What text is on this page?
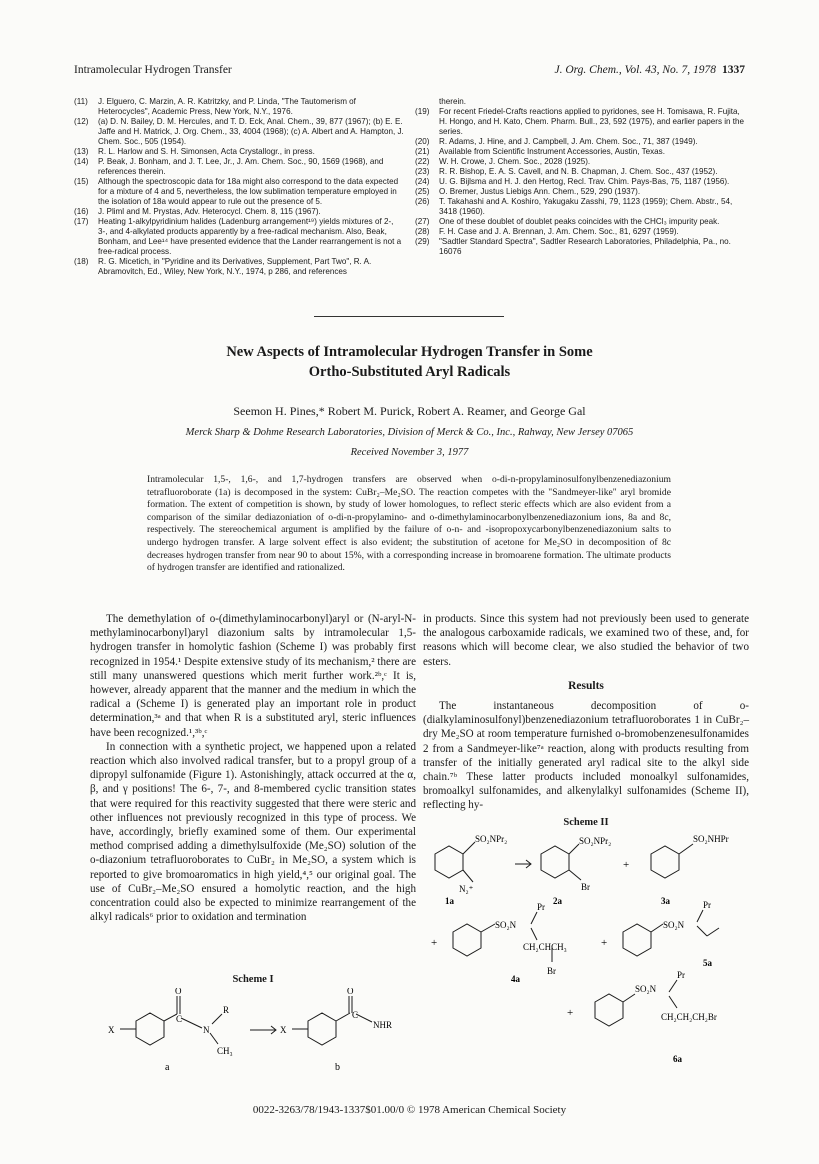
Intramolecular Hydrogen Transfer	J. Org. Chem., Vol. 43, No. 7, 1978 1337
(11)	J. Elguero, C. Marzin, A. R. Katritzky, and P. Linda, "The Tautomerism of Heterocycles", Academic Press, New York, N.Y., 1976.
(12)	(a) D. N. Bailey, D. M. Hercules, and T. D. Eck, Anal. Chem., 39, 877 (1967); (b) E. E. Jaffe and H. Matrick, J. Org. Chem., 33, 4004 (1968); (c) A. Albert and A. Hampton, J. Chem. Soc., 505 (1954).
(13)	R. L. Harlow and S. H. Simonsen, Acta Crystallogr., in press.
(14)	P. Beak, J. Bonham, and J. T. Lee, Jr., J. Am. Chem. Soc., 90, 1569 (1968), and references therein.
(15)	Although the spectroscopic data for 18a might also correspond to the data expected for a mixture of 4 and 5, nevertheless, the low sublimation temperature employed in the isolation of 18a would appear to rule out the presence of 5.
(16)	J. Pliml and M. Prystas, Adv. Heterocycl. Chem. 8, 115 (1967).
(17)	Heating 1-alkylpyridinium halides (Ladenburg arrangement¹⁹) yields mixtures of 2-, 3-, and 4-alkylated products apparently by a free-radical mechanism. Also, Beak, Bonham, and Lee¹⁴ have presented evidence that the Lander rearrangement is not a free-radical process.
(18)	R. G. Micetich, in "Pyridine and its Derivatives, Supplement, Part Two", R. A. Abramovitch, Ed., Wiley, New York, N.Y., 1974, p 286, and references
therein.
(19)	For recent Friedel-Crafts reactions applied to pyridones, see H. Tomisawa, R. Fujita, H. Hongo, and H. Kato, Chem. Pharm. Bull., 23, 592 (1975), and earlier papers in the series.
(20)	R. Adams, J. Hine, and J. Campbell, J. Am. Chem. Soc., 71, 387 (1949).
(21)	Available from Scientific Instrument Accessories, Austin, Texas.
(22)	W. H. Crowe, J. Chem. Soc., 2028 (1925).
(23)	R. R. Bishop, E. A. S. Cavell, and N. B. Chapman, J. Chem. Soc., 437 (1952).
(24)	U. G. Bijlsma and H. J. den Hertog, Recl. Trav. Chim. Pays-Bas, 75, 1187 (1956).
(25)	O. Bremer, Justus Liebigs Ann. Chem., 529, 290 (1937).
(26)	T. Takahashi and A. Koshiro, Yakugaku Zasshi, 79, 1123 (1959); Chem. Abstr., 54, 3418 (1960).
(27)	One of these doublet of doublet peaks coincides with the CHCl₃ impurity peak.
(28)	F. H. Case and J. A. Brennan, J. Am. Chem. Soc., 81, 6297 (1959).
(29)	"Sadtler Standard Spectra", Sadtler Research Laboratories, Philadelphia, Pa., no. 16076
New Aspects of Intramolecular Hydrogen Transfer in Some
Ortho-Substituted Aryl Radicals
Seemon H. Pines,* Robert M. Purick, Robert A. Reamer, and George Gal
Merck Sharp & Dohme Research Laboratories, Division of Merck & Co., Inc., Rahway, New Jersey 07065
Received November 3, 1977
Intramolecular 1,5-, 1,6-, and 1,7-hydrogen transfers are observed when o-di-n-propylaminosulfonylbenzenediazonium tetrafluoroborate (1a) is decomposed in the system: CuBr₂–Me₂SO. The reaction competes with the "Sandmeyer-like" aryl bromide formation. The extent of competition is shown, by study of lower homologues, to reflect steric effects which are also evident from a comparison of the similar dediazoniation of o-di-n-propylamino- and o-dimethylaminocarbonylbenzenediazonium ions, 8a and 8c, respectively. The stereochemical argument is amplified by the failure of o-n- and -isopropoxycarbonylbenzenediazonium salts to undergo hydrogen transfer. A large solvent effect is also evident; the substitution of acetone for Me₂SO in decomposition of 8c decreases hydrogen transfer from near 90 to about 15%, with a corresponding increase in bromoarene formation. The ultimate products of hydrogen transfer are identified and rationalized.

The demethylation of o-(dimethylaminocarbonyl)aryl or (N-aryl-N-methylaminocarbonyl)aryl diazonium salts by intramolecular 1,5-hydrogen transfer in homolytic fashion (Scheme I) was probably first recognized in 1954.¹ Despite extensive study of its mechanism,² there are still many unanswered questions which merit further work.²ᵇ,ᶜ It is, however, already apparent that the manner and the medium in which the radical a (Scheme I) is generated play an important role in product determination,³ᵃ and that when R is a substituted aryl, steric influences have been recognized.¹,³ᵇ,ᶜ

In connection with a synthetic project, we happened upon a related reaction which also involved radical transfer, but to a propyl group of a dipropyl sulfonamide (Figure 1). Astonishingly, attack occurred at the α, β, and γ positions! The 6-, 7-, and 8-membered cyclic transition states that were required for this reactivity suggested that there were steric and other influences not previously recognized in this type of process. We have, accordingly, briefly examined some of them. Our experimental method comprised adding a dimethylsulfoxide (Me₂SO) solution of the o-diazonium tetrafluoroborates to CuBr₂ in Me₂SO, a system which is reported to give bromoaromatics in high yield,⁴,⁵ our original goal. The use of CuBr₂–Me₂SO ensured a homolytic reaction, and the high concentration could also be expected to minimize rearrangement of the alkyl radicals⁶ prior to oxidation and termination

in products. Since this system had not previously been used to generate the analogous carboxamide radicals, we examined two of these, and, for reasons which will become clear, we also studied the behavior of two esters.

Results

The instantaneous decomposition of o-(dialkylaminosulfonyl)benzenediazonium tetrafluoroborates 1 in CuBr₂–dry Me₂SO at room temperature furnished o-bromobenzenesulfonamides 2 from a Sandmeyer-like⁷ᵃ reaction, along with products resulting from transfer of the initially generated aryl radical site to the alkyl side chain.⁷ᵇ These latter products included monoalkyl sulfonamides, bromoalkyl sulfonamides, and alkenylalkyl sulfonamides (Scheme II), reflecting hy-

Scheme I
O
C
N
R
CH₃
X	X
O
C
NHR
a	b
Scheme II
SO₂NPr₂
N₂⁺
1a
SO₂NPr₂
Br
2a
+
SO₂NHPr
3a
+
SO₂N
Pr
CH₂CHCH₃
Br
+
4a
SO₂N
Pr
5a
+
SO₂N
Pr
CH₂CH₂CH₂Br
6a
0022-3263/78/1943-1337$01.00/0 © 1978 American Chemical Society
